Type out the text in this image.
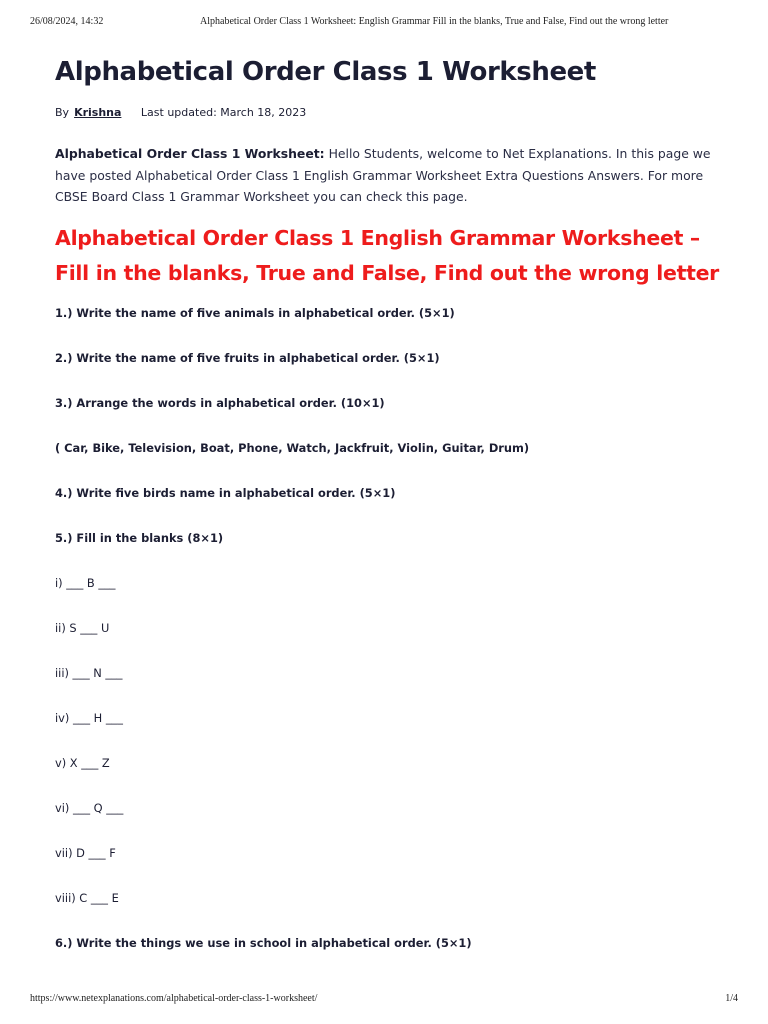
26/08/2024, 14:32	Alphabetical Order Class 1 Worksheet: English Grammar Fill in the blanks, True and False, Find out the wrong letter
Alphabetical Order Class 1 Worksheet
By Krishna Last updated: March 18, 2023

Alphabetical Order Class 1 Worksheet: Hello Students, welcome to Net Explanations. In this page we have posted Alphabetical Order Class 1 English Grammar Worksheet Extra Questions Answers. For more CBSE Board Class 1 Grammar Worksheet you can check this page.

Alphabetical Order Class 1 English Grammar Worksheet – Fill in the blanks, True and False, Find out the wrong letter
1.) Write the name of five animals in alphabetical order. (5×1)
2.) Write the name of five fruits in alphabetical order. (5×1)
3.) Arrange the words in alphabetical order. (10×1)
( Car, Bike, Television, Boat, Phone, Watch, Jackfruit, Violin, Guitar, Drum)
4.) Write five birds name in alphabetical order. (5×1)
5.) Fill in the blanks (8×1)
i) ___ B ___
ii) S ___ U
iii) ___ N ___
iv) ___ H ___
v) X ___ Z
vi) ___ Q ___
vii) D ___ F
viii) C ___ E
6.) Write the things we use in school in alphabetical order. (5×1)
https://www.netexplanations.com/alphabetical-order-class-1-worksheet/	1/4
